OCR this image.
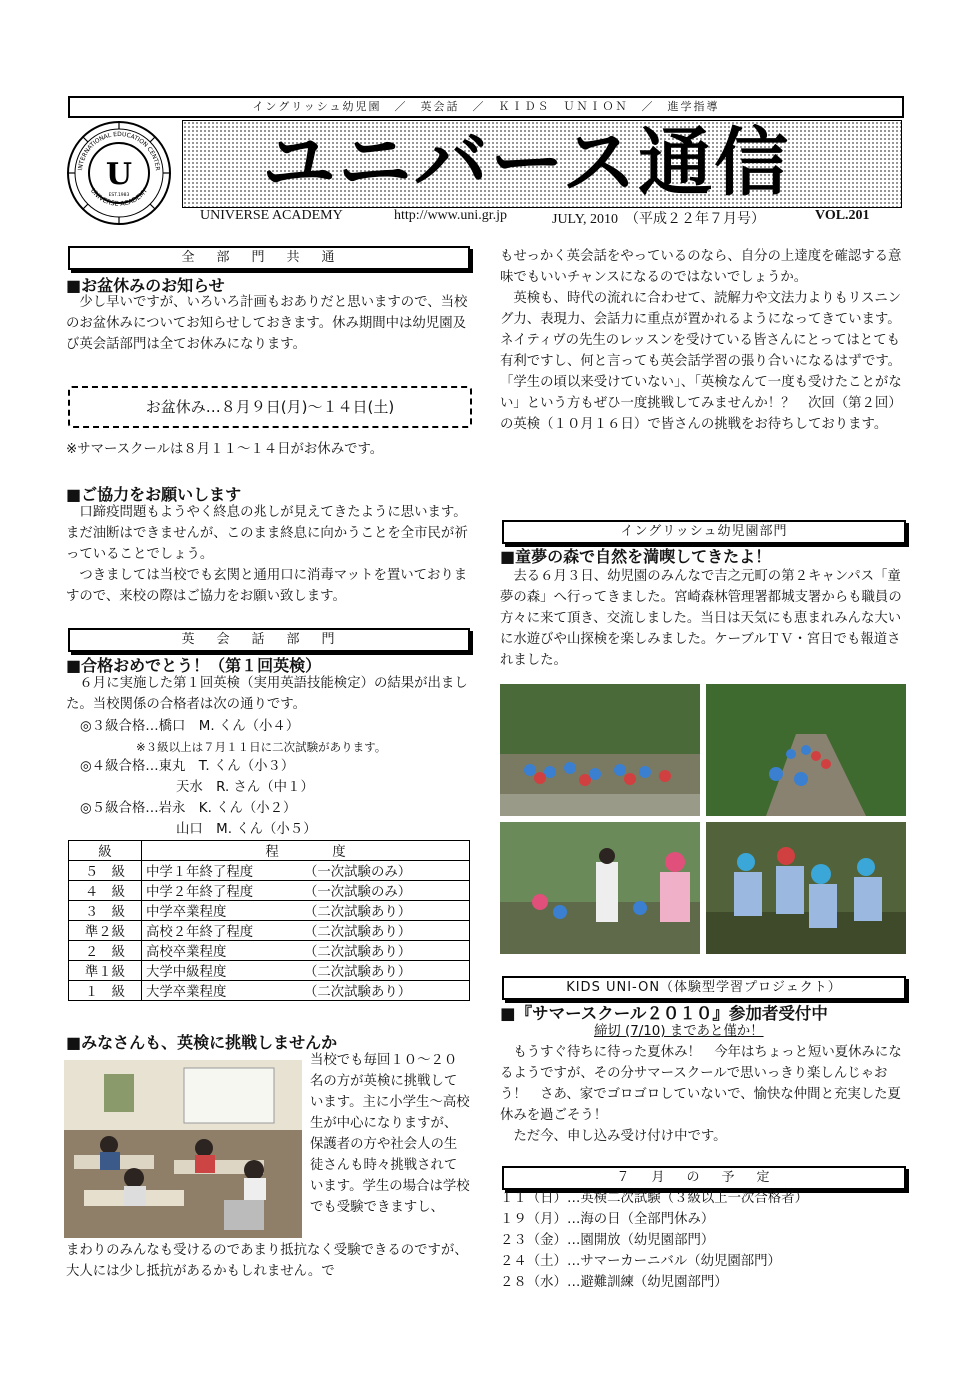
イングリッシュ幼児園　／　英会話　／　ＫＩＤＳ　ＵＮＩＯＮ　／　進学指導
ユニバース通信
INTERNATIONAL EDUCATION CENTER
UNIVERSE ACADEMY
U
EST.1983
UNIVERSE ACADEMY	http://www.uni.gr.jp	JULY, 2010　（平成２２年７月号）	VOL.201
全部門共通
■お盆休みのお知らせ
　少し早いですが、いろいろ計画もおありだと思いますので、当校のお盆休みについてお知らせしておきます。休み期間中は幼児園及び英会話部門は全てお休みになります。
お盆休み…８月９日(月)～１４日(土)
※サマースクールは８月１１～１４日がお休みです。
■ご協力をお願いします
　口蹄疫問題もようやく終息の兆しが見えてきたように思います。まだ油断はできませんが、このまま終息に向かうことを全市民が祈っていることでしょう。
　つきましては当校でも玄関と通用口に消毒マットを置いておりますので、来校の際はご協力をお願い致します。
英会話部門
■合格おめでとう！（第１回英検）
　６月に実施した第１回英検（実用英語技能検定）の結果が出ました。当校関係の合格者は次の通りです。
◎３級合格…橋口　M. くん（小４）
※３級以上は７月１１日に二次試験があります。
◎４級合格…東丸　T. くん（小３）
天水　R. さん（中１）
◎５級合格…岩永　K. くん（小２）
山口　M. くん（小５）
級	程　　　　度	
５　級	中学１年終了程度	（一次試験のみ）
４　級	中学２年終了程度	（一次試験のみ）
３　級	中学卒業程度	（二次試験あり）
準２級	高校２年終了程度	（二次試験あり）
２　級	高校卒業程度	（二次試験あり）
準１級	大学中級程度	（二次試験あり）
１　級	大学卒業程度	（二次試験あり）
■みなさんも、英検に挑戦しませんか
当校でも毎回１０～２０名の方が英検に挑戦しています。主に小学生～高校生が中心になりますが、保護者の方や社会人の生徒さんも時々挑戦されています。学生の場合は学校でも受験できますし、
まわりのみんなも受けるのであまり抵抗なく受験できるのですが、大人には少し抵抗があるかもしれません。で
もせっかく英会話をやっているのなら、自分の上達度を確認する意味でもいいチャンスになるのではないでしょうか。
　英検も、時代の流れに合わせて、読解力や文法力よりもリスニング力、表現力、会話力に重点が置かれるようになってきています。ネイティヴの先生のレッスンを受けている皆さんにとってはとても有利ですし、何と言っても英会話学習の張り合いになるはずです。「学生の頃以来受けていない」、「英検なんて一度も受けたことがない」という方もぜひ一度挑戦してみませんか！？　次回（第２回）の英検（１０月１６日）で皆さんの挑戦をお待ちしております。
イングリッシュ幼児園部門
■童夢の森で自然を満喫してきたよ！
　去る６月３日、幼児園のみんなで吉之元町の第２キャンパス「童夢の森」へ行ってきました。宮崎森林管理署都城支署からも職員の方々に来て頂き、交流しました。当日は天気にも恵まれみんな大いに水遊びや山探検を楽しみました。ケーブルＴＶ・宮日でも報道されました。
KIDS UNI-ON（体験型学習プロジェクト）
■『サマースクール２０１０』参加者受付中
締切 (7/10) まであと僅か！
　もうすぐ待ちに待った夏休み！　今年はちょっと短い夏休みになるようですが、その分サマースクールで思いっきり楽しんじゃおう！　さあ、家でゴロゴロしていないで、愉快な仲間と充実した夏休みを過ごそう！
　ただ今、申し込み受け付け中です。
７月の予定
１１（日）…英検二次試験（３級以上一次合格者）
１９（月）…海の日（全部門休み）
２３（金）…園開放（幼児園部門）
２４（土）…サマーカーニバル（幼児園部門）
２８（水）…避難訓練（幼児園部門）
